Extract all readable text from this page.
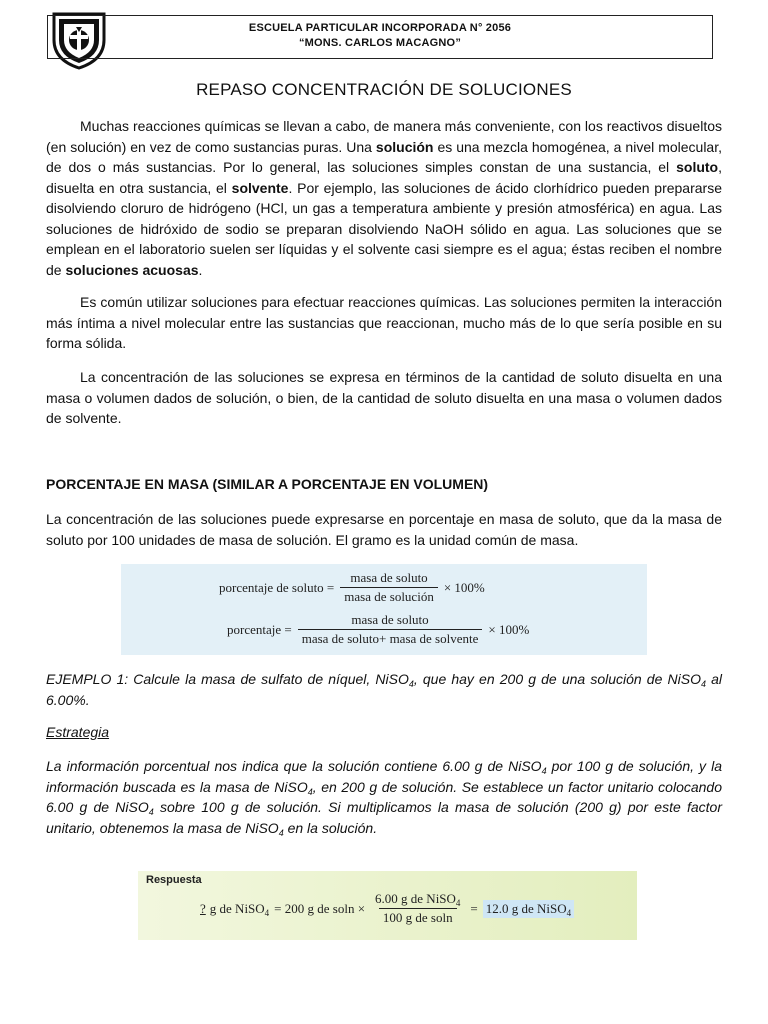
ESCUELA PARTICULAR INCORPORADA N° 2056
“MONS. CARLOS MACAGNO”
REPASO CONCENTRACIÓN DE SOLUCIONES

Muchas reacciones químicas se llevan a cabo, de manera más conveniente, con los reactivos disueltos (en solución) en vez de como sustancias puras. Una solución es una mezcla homogénea, a nivel molecular, de dos o más sustancias. Por lo general, las soluciones simples constan de una sustancia, el soluto, disuelta en otra sustancia, el solvente. Por ejemplo, las soluciones de ácido clorhídrico pueden prepararse disolviendo cloruro de hidrógeno (HCl, un gas a temperatura ambiente y presión atmosférica) en agua. Las soluciones de hidróxido de sodio se preparan disolviendo NaOH sólido en agua. Las soluciones que se emplean en el laboratorio suelen ser líquidas y el solvente casi siempre es el agua; éstas reciben el nombre de soluciones acuosas.

Es común utilizar soluciones para efectuar reacciones químicas. Las soluciones permiten la interacción más íntima a nivel molecular entre las sustancias que reaccionan, mucho más de lo que sería posible en su forma sólida.

La concentración de las soluciones se expresa en términos de la cantidad de soluto disuelta en una masa o volumen dados de solución, o bien, de la cantidad de soluto disuelta en una masa o volumen dados de solvente.

PORCENTAJE EN MASA (SIMILAR A PORCENTAJE EN VOLUMEN)

La concentración de las soluciones puede expresarse en porcentaje en masa de soluto, que da la masa de soluto por 100 unidades de masa de solución. El gramo es la unidad común de masa.

porcentaje de soluto = $\frac{\text{masa de soluto}}{\text{masa de solución}} \times 100\%$
porcentaje = $\frac{\text{masa de soluto}}{\text{masa de soluto+ masa de solvente}} \times 100\%$

EJEMPLO 1: Calcule la masa de sulfato de níquel, NiSO$_4$, que hay en 200 g de una solución de NiSO$_4$ al 6.00%.

Estrategia

La información porcentual nos indica que la solución contiene 6.00 g de NiSO$_4$ por 100 g de solución, y la información buscada es la masa de NiSO$_4$, en 200 g de solución. Se establece un factor unitario colocando 6.00 g de NiSO$_4$ sobre 100 g de solución. Si multiplicamos la masa de solución (200 g) por este factor unitario, obtenemos la masa de NiSO$_4$ en la solución.

Respuesta
? g de NiSO$_4$ = 200 g de $soln \times \frac{6.00 g de NiSO_4}{\text{100 g de soln}} = 12.0$ g de NiSO$_4$
